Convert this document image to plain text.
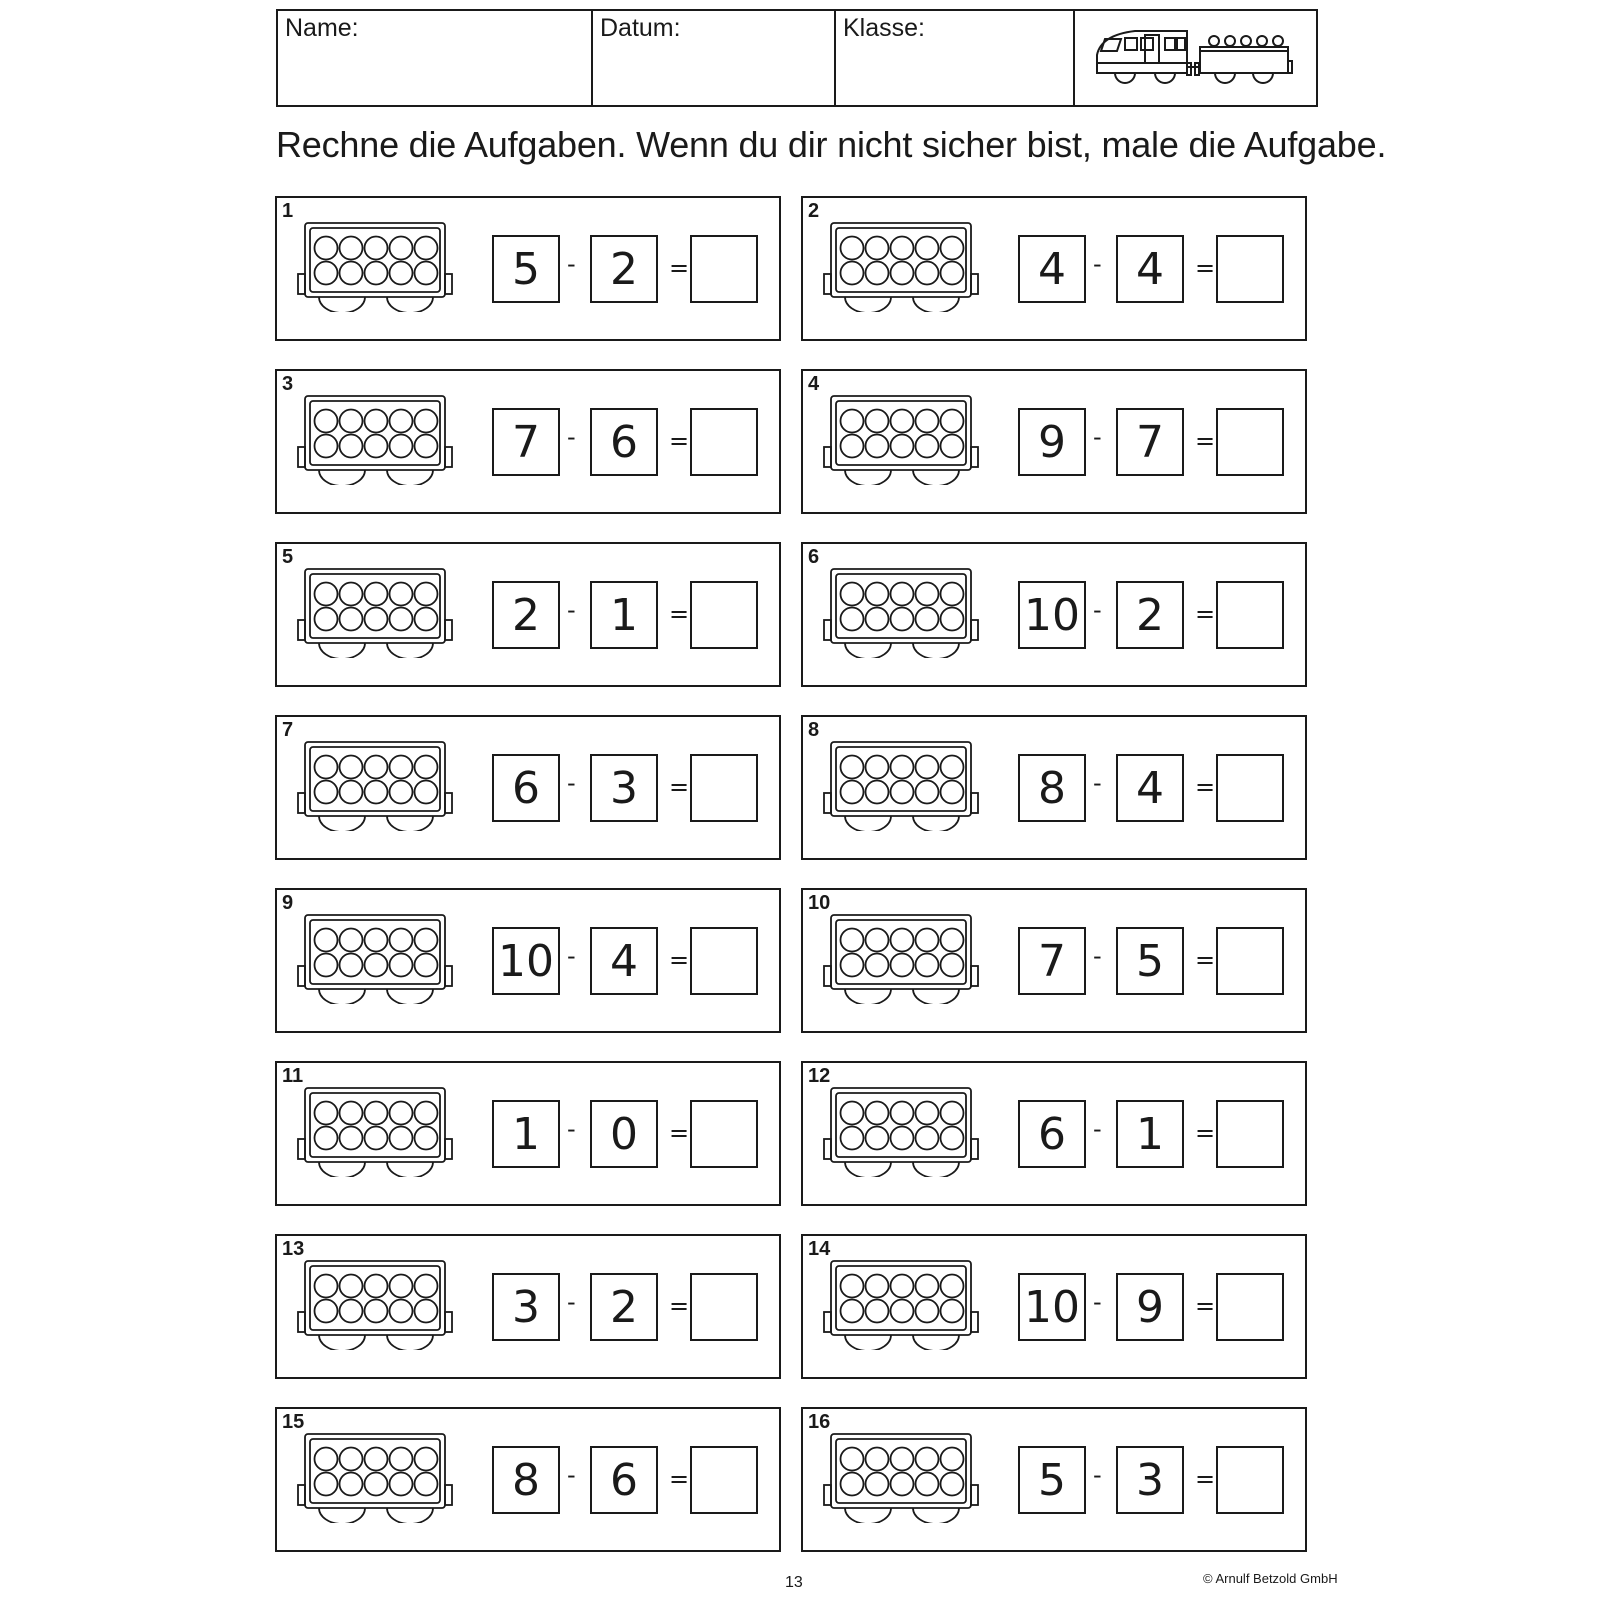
Name:	Datum:	Klasse:
Rechne die Aufgaben. Wenn du dir nicht sicher bist, male die Aufgabe.
1
5	- 2	=
2
4	- 4	=
3
7	- 6	=
4
9	- 7	=
5
2	- 1	=
6
10 - 2	=
7
6	- 3	=
8
8	- 4	=
9
10 - 4	=
10
7	- 5	=
11
1	- 0	=
12
6	- 1	=
13
3	- 2	=
14
10 - 9	=
15
8	- 6	=
16
5	- 3	=
13	© Arnulf Betzold GmbH
